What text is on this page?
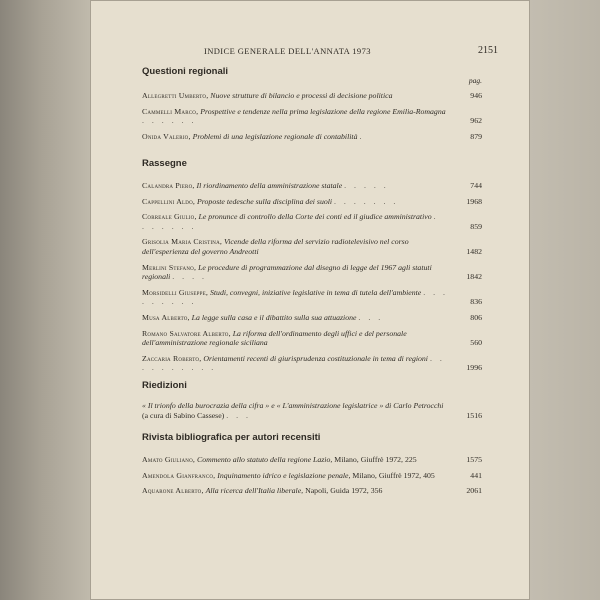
INDICE GENERALE DELL'ANNATA 1973	2151
Questioni regionali
pag.
Allegretti Umberto, Nuove strutture di bilancio e processi di decisione politica	946
Cammelli Marco, Prospettive e tendenze nella prima legislazione della regione Emilia-Romagna . . . . . .	962
Onida Valerio, Problemi di una legislazione regionale di contabilità .	879
Rassegne
Calandra Piero, Il riordinamento della amministrazione statale . . . . .	744
Cappellini Aldo, Proposte tedesche sulla disciplina dei suoli . . . . . . .	1968
Correale Giulio, Le pronunce di controllo della Corte dei conti ed il giudice amministrativo . . . . . . .	859
Grisolia Maria Cristina, Vicende della riforma del servizio radiotelevisivo nel corso dell'esperienza del governo Andreotti	1482
Merlini Stefano, Le procedure di programmazione dal disegno di legge del 1967 agli statuti regionali . . . .	1842
Morsidelli Giuseppe, Studi, convegni, iniziative legislative in tema di tutela dell'ambiente . . . . . . . . .	836
Musa Alberto, La legge sulla casa e il dibattito sulla sua attuazione . . .	806
Romano Salvatore Alberto, La riforma dell'ordinamento degli uffici e del personale dell'amministrazione regionale siciliana	560
Zaccaria Roberto, Orientamenti recenti di giurisprudenza costituzionale in tema di regioni . . . . . . . . . .	1996
Riedizioni
« Il trionfo della burocrazia della cifra » e « L'amministrazione legislatrice » di Carlo Petrocchi (a cura di Sabino Cassese) . . .	1516
Rivista bibliografica per autori recensiti
Amato Giuliano, Commento allo statuto della regione Lazio, Milano, Giuffrè 1972, 225	1575
Amendola Gianfranco, Inquinamento idrico e legislazione penale, Milano, Giuffrè 1972, 405	441
Aquarone Alberto, Alla ricerca dell'Italia liberale, Napoli, Guida 1972, 356	2061
